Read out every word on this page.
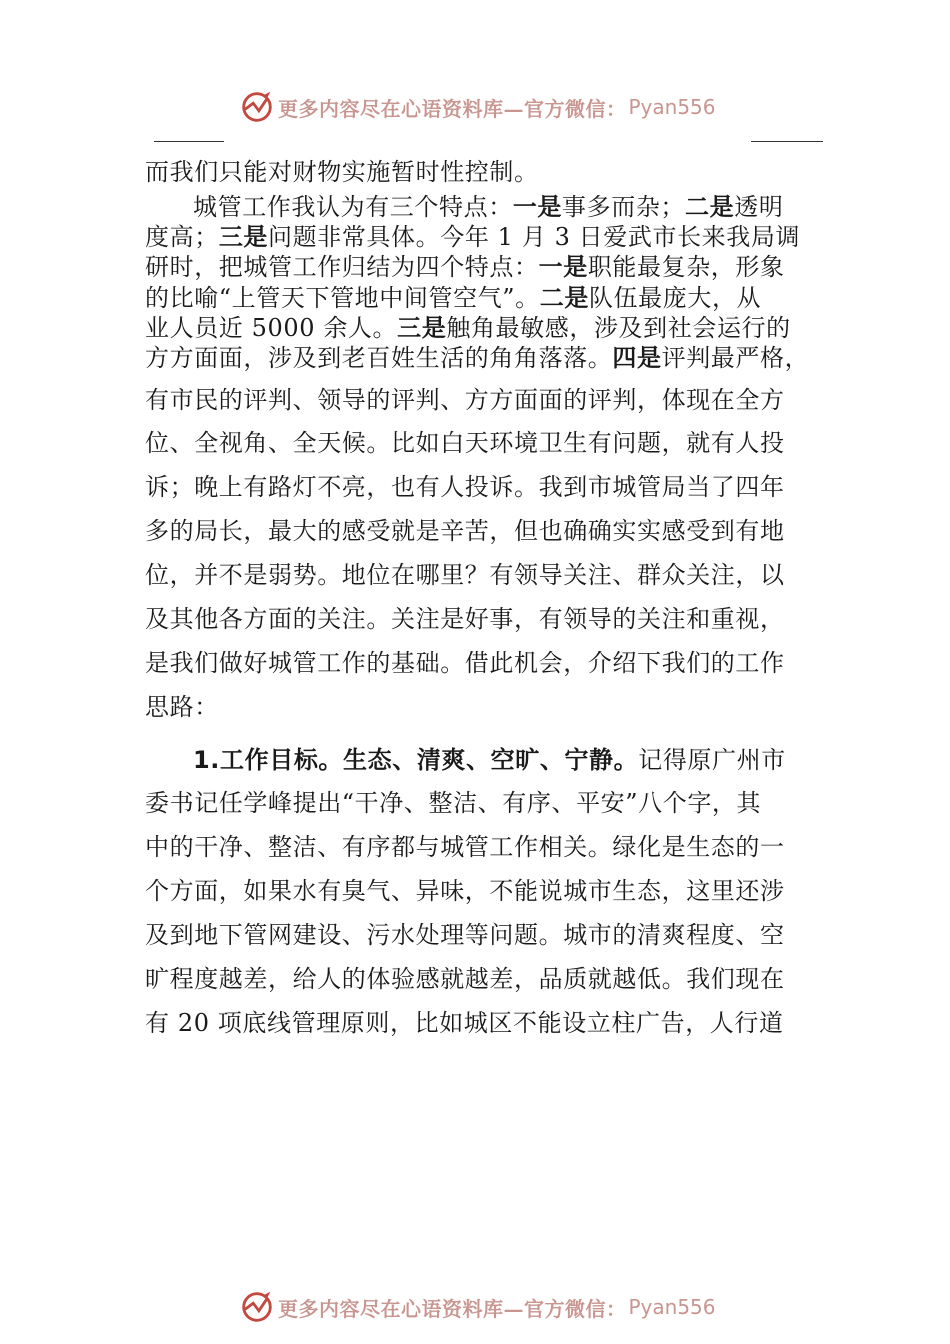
更多内容尽在心语资料库—官方微信： Pyan556

而我们只能对财物实施暂时性控制。

城管工作我认为有三个特点：一是事多而杂；二是透明

度高；三是问题非常具体。今年 1 月 3 日爱武市长来我局调

研时，把城管工作归结为四个特点：一是职能最复杂，形象

的比喻“上管天下管地中间管空气”。二是队伍最庞大，从

业人员近 5000 余人。三是触角最敏感，涉及到社会运行的

方方面面，涉及到老百姓生活的角角落落。四是评判最严格，

有市民的评判、领导的评判、方方面面的评判，体现在全方

位、全视角、全天候。比如白天环境卫生有问题，就有人投

诉；晚上有路灯不亮，也有人投诉。我到市城管局当了四年

多的局长，最大的感受就是辛苦，但也确确实实感受到有地

位，并不是弱势。地位在哪里？有领导关注、群众关注，以

及其他各方面的关注。关注是好事，有领导的关注和重视，

是我们做好城管工作的基础。借此机会，介绍下我们的工作

思路：

1.工作目标。生态、清爽、空旷、宁静。记得原广州市

委书记任学峰提出“干净、整洁、有序、平安”八个字，其

中的干净、整洁、有序都与城管工作相关。绿化是生态的一

个方面，如果水有臭气、异味，不能说城市生态，这里还涉

及到地下管网建设、污水处理等问题。城市的清爽程度、空

旷程度越差，给人的体验感就越差，品质就越低。我们现在

有 20 项底线管理原则，比如城区不能设立柱广告，人行道

更多内容尽在心语资料库—官方微信： Pyan556
